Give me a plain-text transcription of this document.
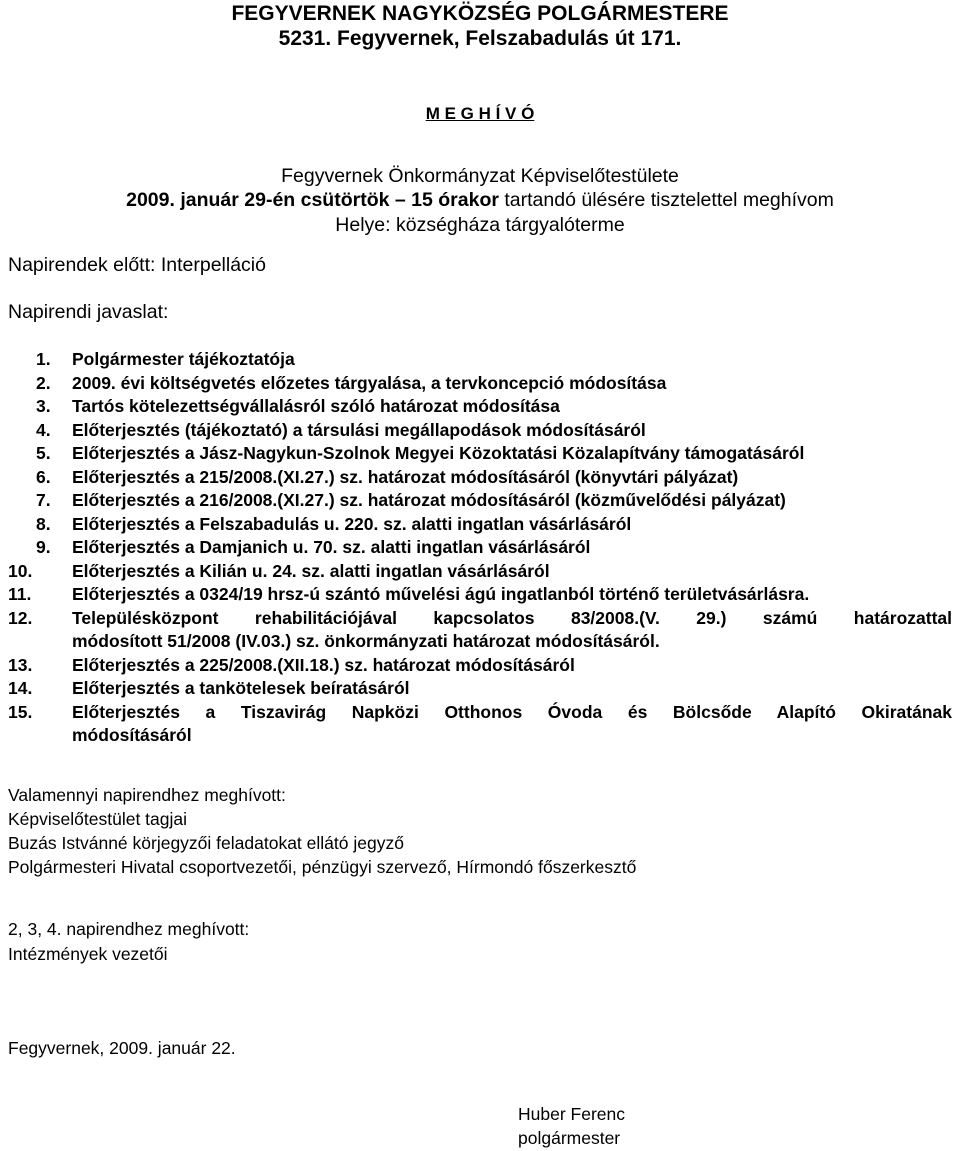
FEGYVERNEK NAGYKÖZSÉG POLGÁRMESTERE
5231. Fegyvernek, Felszabadulás út 171.
M E G H Í V Ó
Fegyvernek Önkormányzat Képviselőtestülete
2009. január 29-én csütörtök – 15 órakor tartandó ülésére tisztelettel meghívom
Helye: községháza tárgyalóterme
Napirendek előtt: Interpelláció
Napirendi javaslat:
1. Polgármester tájékoztatója
2. 2009. évi költségvetés előzetes tárgyalása, a tervkoncepció módosítása
3. Tartós kötelezettségvállalásról szóló határozat módosítása
4. Előterjesztés (tájékoztató) a társulási megállapodások módosításáról
5. Előterjesztés a Jász-Nagykun-Szolnok Megyei Közoktatási Közalapítvány támogatásáról
6. Előterjesztés a 215/2008.(XI.27.) sz. határozat módosításáról (könyvtári pályázat)
7. Előterjesztés a 216/2008.(XI.27.) sz. határozat módosításáról (közművelődési pályázat)
8. Előterjesztés a Felszabadulás u. 220. sz. alatti ingatlan vásárlásáról
9. Előterjesztés a Damjanich u. 70. sz. alatti ingatlan vásárlásáról
10. Előterjesztés a Kilián u. 24. sz. alatti ingatlan vásárlásáról
11. Előterjesztés a 0324/19 hrsz-ú szántó művelési ágú ingatlanból történő területvásárlásra.
12. Településközpont rehabilitációjával kapcsolatos 83/2008.(V. 29.) számú határozattal
módosított 51/2008 (IV.03.) sz. önkormányzati határozat módosításáról.
13. Előterjesztés a 225/2008.(XII.18.) sz. határozat módosításáról
14. Előterjesztés a tankötelesek beíratásáról
15. Előterjesztés a Tiszavirág Napközi Otthonos Óvoda és Bölcsőde Alapító Okiratának
módosításáról
Valamennyi napirendhez meghívott:
Képviselőtestület tagjai
Buzás Istvánné körjegyzői feladatokat ellátó jegyző
Polgármesteri Hivatal csoportvezetői, pénzügyi szervező, Hírmondó főszerkesztő
2, 3, 4. napirendhez meghívott:
Intézmények vezetői
Fegyvernek, 2009. január 22.
Huber Ferenc
polgármester
